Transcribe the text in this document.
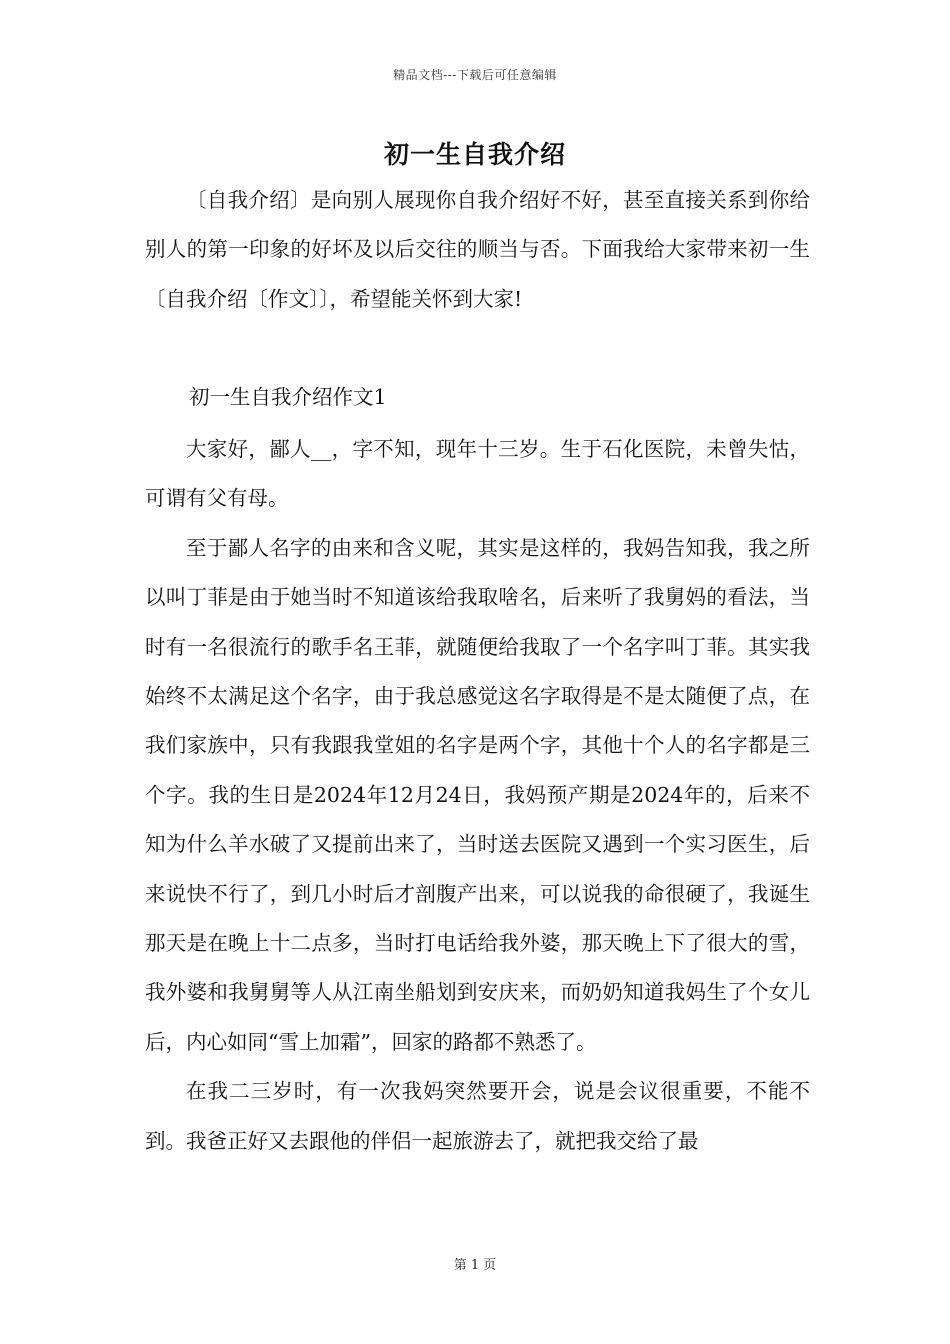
精品文档---下载后可任意编辑
初一生自我介绍

〔自我介绍〕是向别人展现你自我介绍好不好，甚至直接关系到你给别人的第一印象的好坏及以后交往的顺当与否。下面我给大家带来初一生〔自我介绍〔作文〕〕，希望能关怀到大家!

初一生自我介绍作文1

大家好，鄙人__，字不知，现年十三岁。生于石化医院，未曾失怙，可谓有父有母。

至于鄙人名字的由来和含义呢，其实是这样的，我妈告知我，我之所以叫丁菲是由于她当时不知道该给我取啥名，后来听了我舅妈的看法，当时有一名很流行的歌手名王菲，就随便给我取了一个名字叫丁菲。其实我始终不太满足这个名字，由于我总感觉这名字取得是不是太随便了点，在我们家族中，只有我跟我堂姐的名字是两个字，其他十个人的名字都是三个字。我的生日是2024年12月24日，我妈预产期是2024年的，后来不知为什么羊水破了又提前出来了，当时送去医院又遇到一个实习医生，后来说快不行了，到几小时后才剖腹产出来，可以说我的命很硬了，我诞生那天是在晚上十二点多，当时打电话给我外婆，那天晚上下了很大的雪，我外婆和我舅舅等人从江南坐船划到安庆来，而奶奶知道我妈生了个女儿后，内心如同“雪上加霜”，回家的路都不熟悉了。

在我二三岁时，有一次我妈突然要开会，说是会议很重要，不能不到。我爸正好又去跟他的伴侣一起旅游去了，就把我交给了最

第 1 页
